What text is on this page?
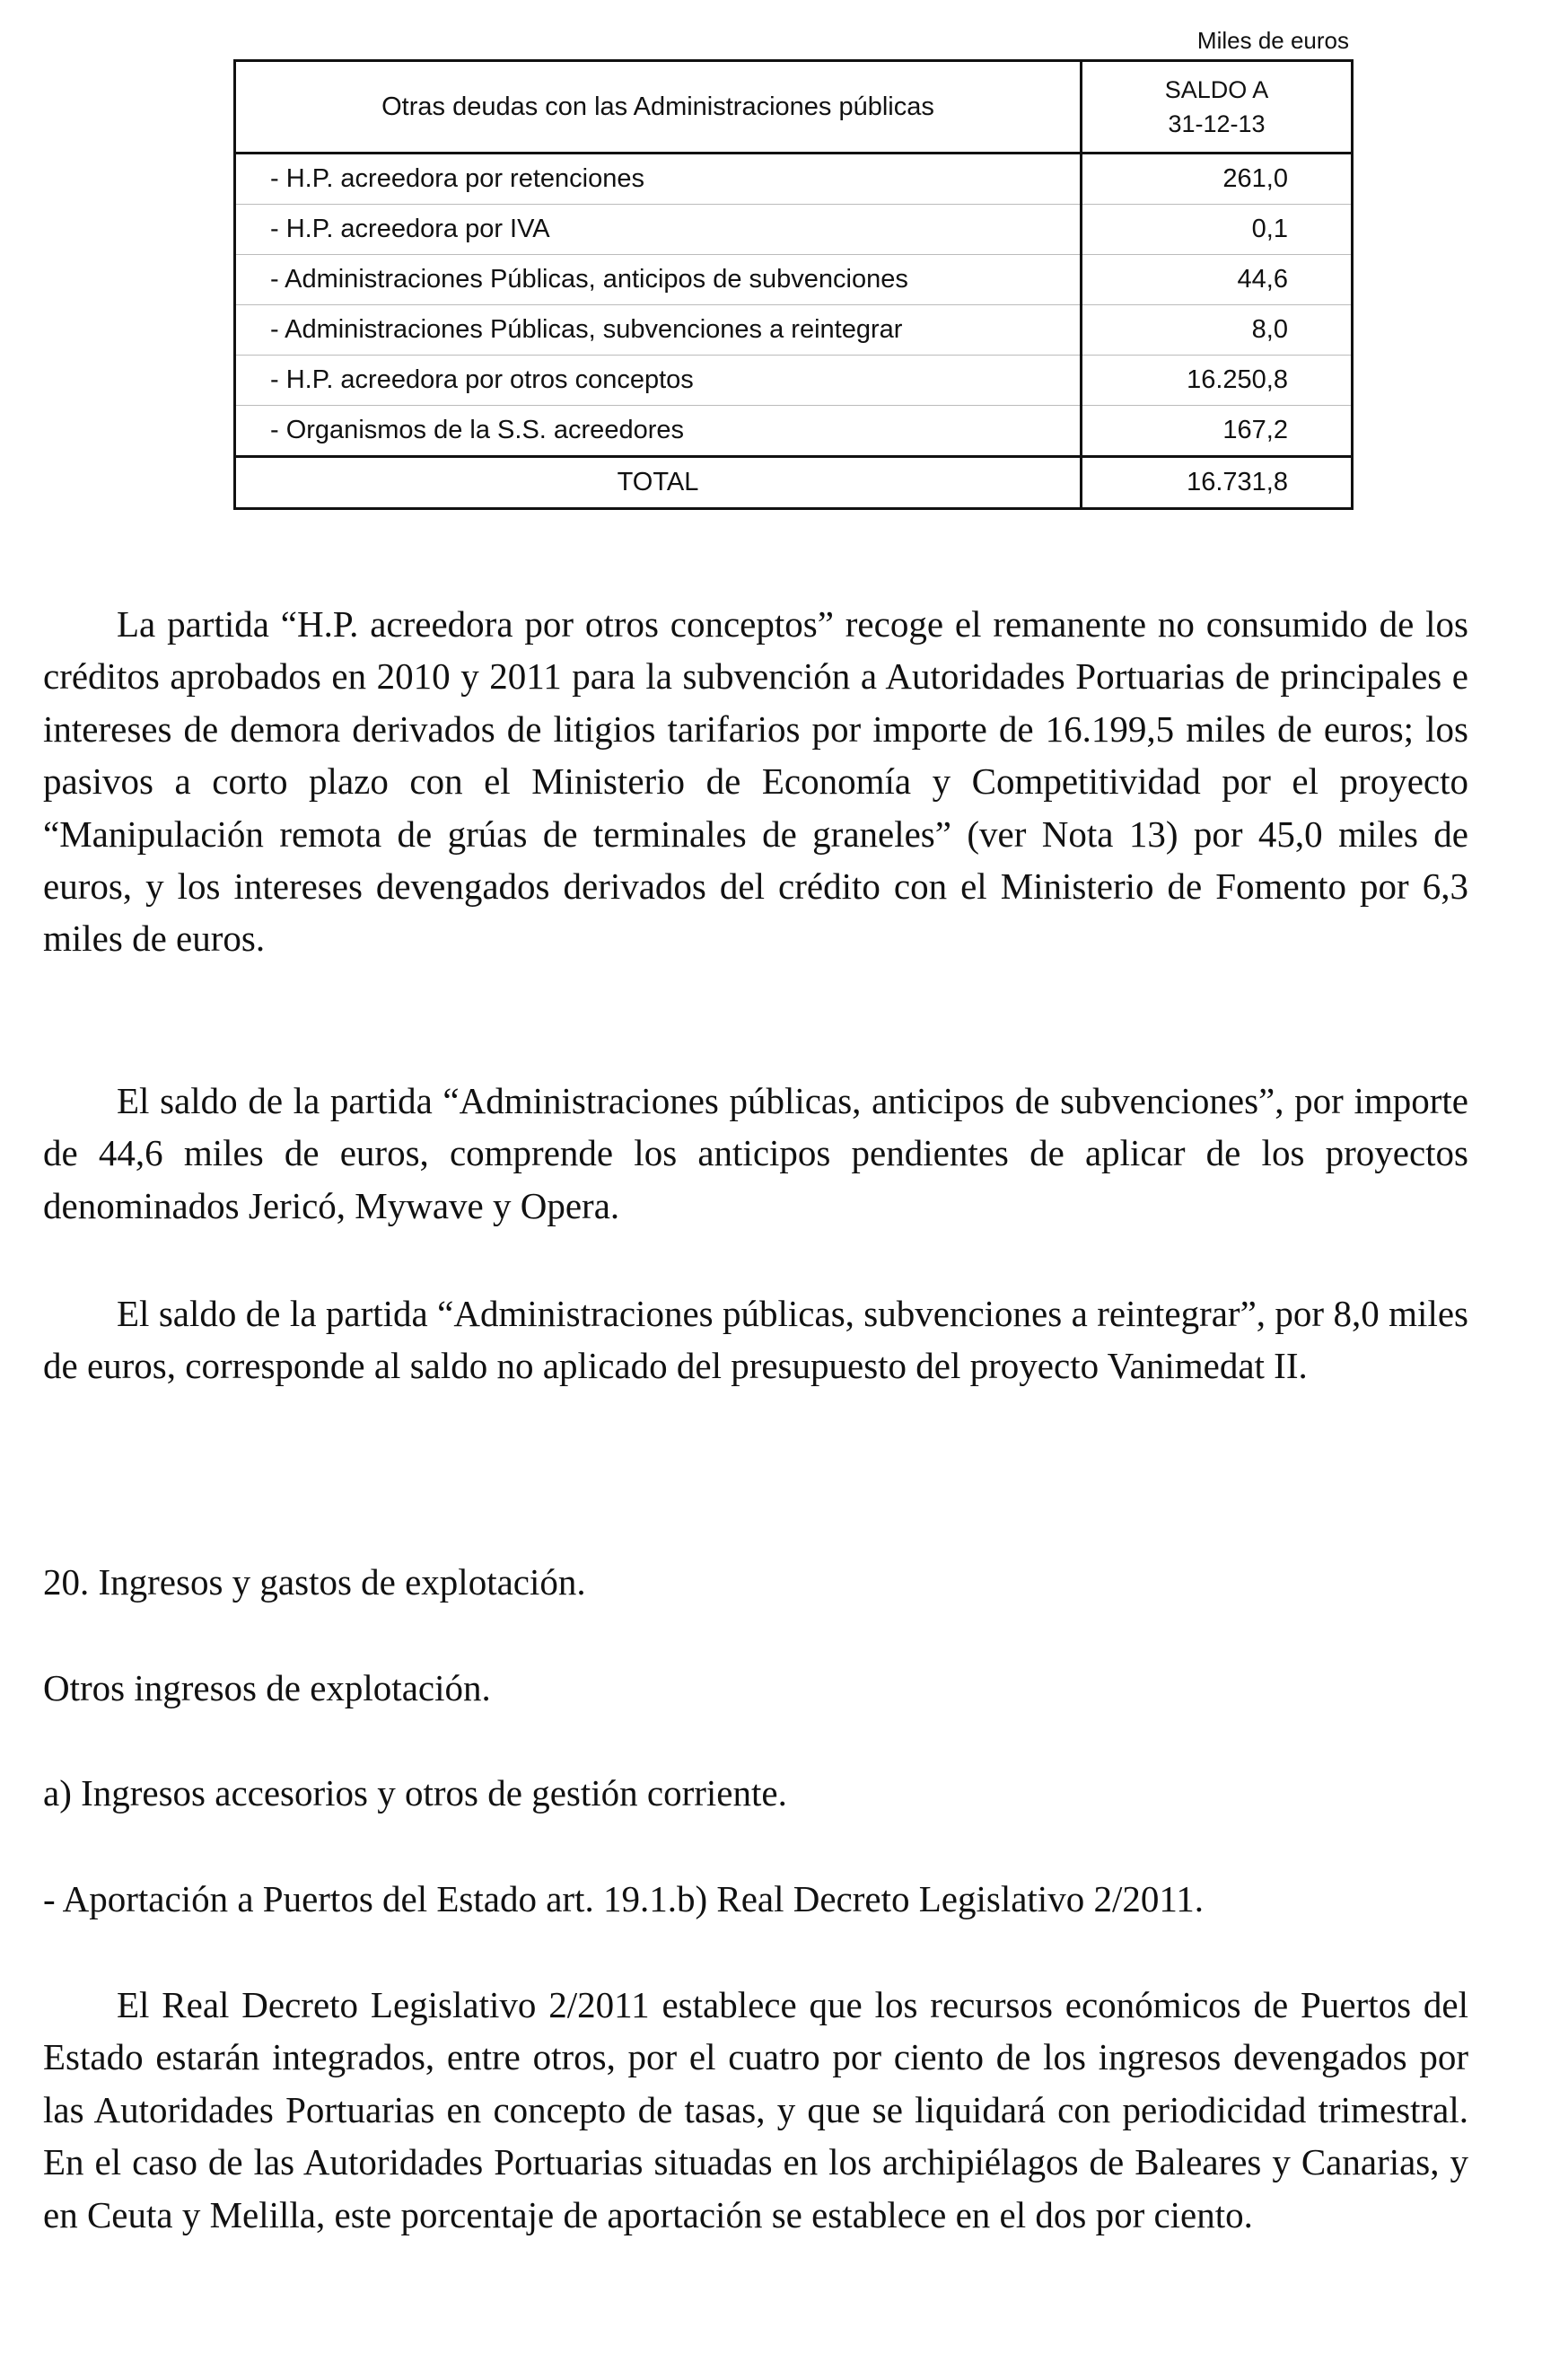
Miles de euros
Otras deudas con las Administraciones públicas	SALDO A
31-12-13

- H.P. acreedora por retenciones	261,0
- H.P. acreedora por IVA	0,1
- Administraciones Públicas, anticipos de subvenciones	44,6
- Administraciones Públicas, subvenciones a reintegrar	8,0
- H.P. acreedora por otros conceptos	16.250,8
- Organismos de la S.S. acreedores	167,2
TOTAL	16.731,8

La partida “H.P. acreedora por otros conceptos” recoge el remanente no consumido de los créditos aprobados en 2010 y 2011 para la subvención a Autoridades Portuarias de principales e intereses de demora derivados de litigios tarifarios por importe de 16.199,5 miles de euros; los pasivos a corto plazo con el Ministerio de Economía y Competitividad por el proyecto “Manipulación remota de grúas de terminales de graneles” (ver Nota 13) por 45,0 miles de euros, y los intereses devengados derivados del crédito con el Ministerio de Fomento por 6,3 miles de euros.

El saldo de la partida “Administraciones públicas, anticipos de subvenciones”, por importe de 44,6 miles de euros, comprende los anticipos pendientes de aplicar de los proyectos denominados Jericó, Mywave y Opera.

El saldo de la partida “Administraciones públicas, subvenciones a reintegrar”, por 8,0 miles de euros, corresponde al saldo no aplicado del presupuesto del proyecto Vanimedat II.

20. Ingresos y gastos de explotación.

Otros ingresos de explotación.

a) Ingresos accesorios y otros de gestión corriente.

- Aportación a Puertos del Estado art. 19.1.b) Real Decreto Legislativo 2/2011.

El Real Decreto Legislativo 2/2011 establece que los recursos económicos de Puertos del Estado estarán integrados, entre otros, por el cuatro por ciento de los ingresos devengados por las Autoridades Portuarias en concepto de tasas, y que se liquidará con periodicidad trimestral. En el caso de las Autoridades Portuarias situadas en los archipiélagos de Baleares y Canarias, y en Ceuta y Melilla, este porcentaje de aportación se establece en el dos por ciento.
